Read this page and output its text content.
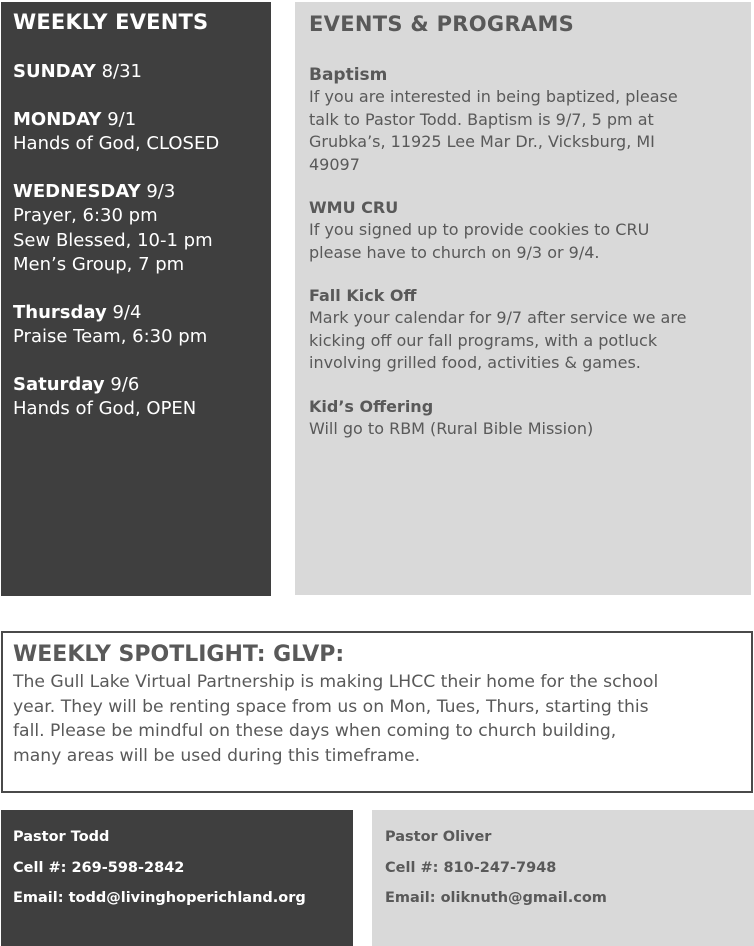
WEEKLY EVENTS
SUNDAY 8/31
MONDAY 9/1
Hands of God, CLOSED
WEDNESDAY 9/3
Prayer, 6:30 pm
Sew Blessed, 10-1 pm
Men’s Group, 7 pm
Thursday 9/4
Praise Team, 6:30 pm
Saturday 9/6
Hands of God, OPEN
EVENTS & PROGRAMS
Baptism
If you are interested in being baptized, please
talk to Pastor Todd. Baptism is 9/7, 5 pm at
Grubka’s, 11925 Lee Mar Dr., Vicksburg, MI
49097
WMU CRU
If you signed up to provide cookies to CRU
please have to church on 9/3 or 9/4.
Fall Kick Off
Mark your calendar for 9/7 after service we are
kicking off our fall programs, with a potluck
involving grilled food, activities & games.
Kid’s Offering
Will go to RBM (Rural Bible Mission)
WEEKLY SPOTLIGHT: GLVP:
The Gull Lake Virtual Partnership is making LHCC their home for the school
year. They will be renting space from us on Mon, Tues, Thurs, starting this
fall. Please be mindful on these days when coming to church building,
many areas will be used during this timeframe.
Pastor Todd
Cell #: 269-598-2842
Email: todd@livinghoperichland.org
Pastor Oliver
Cell #: 810-247-7948
Email: oliknuth@gmail.com
